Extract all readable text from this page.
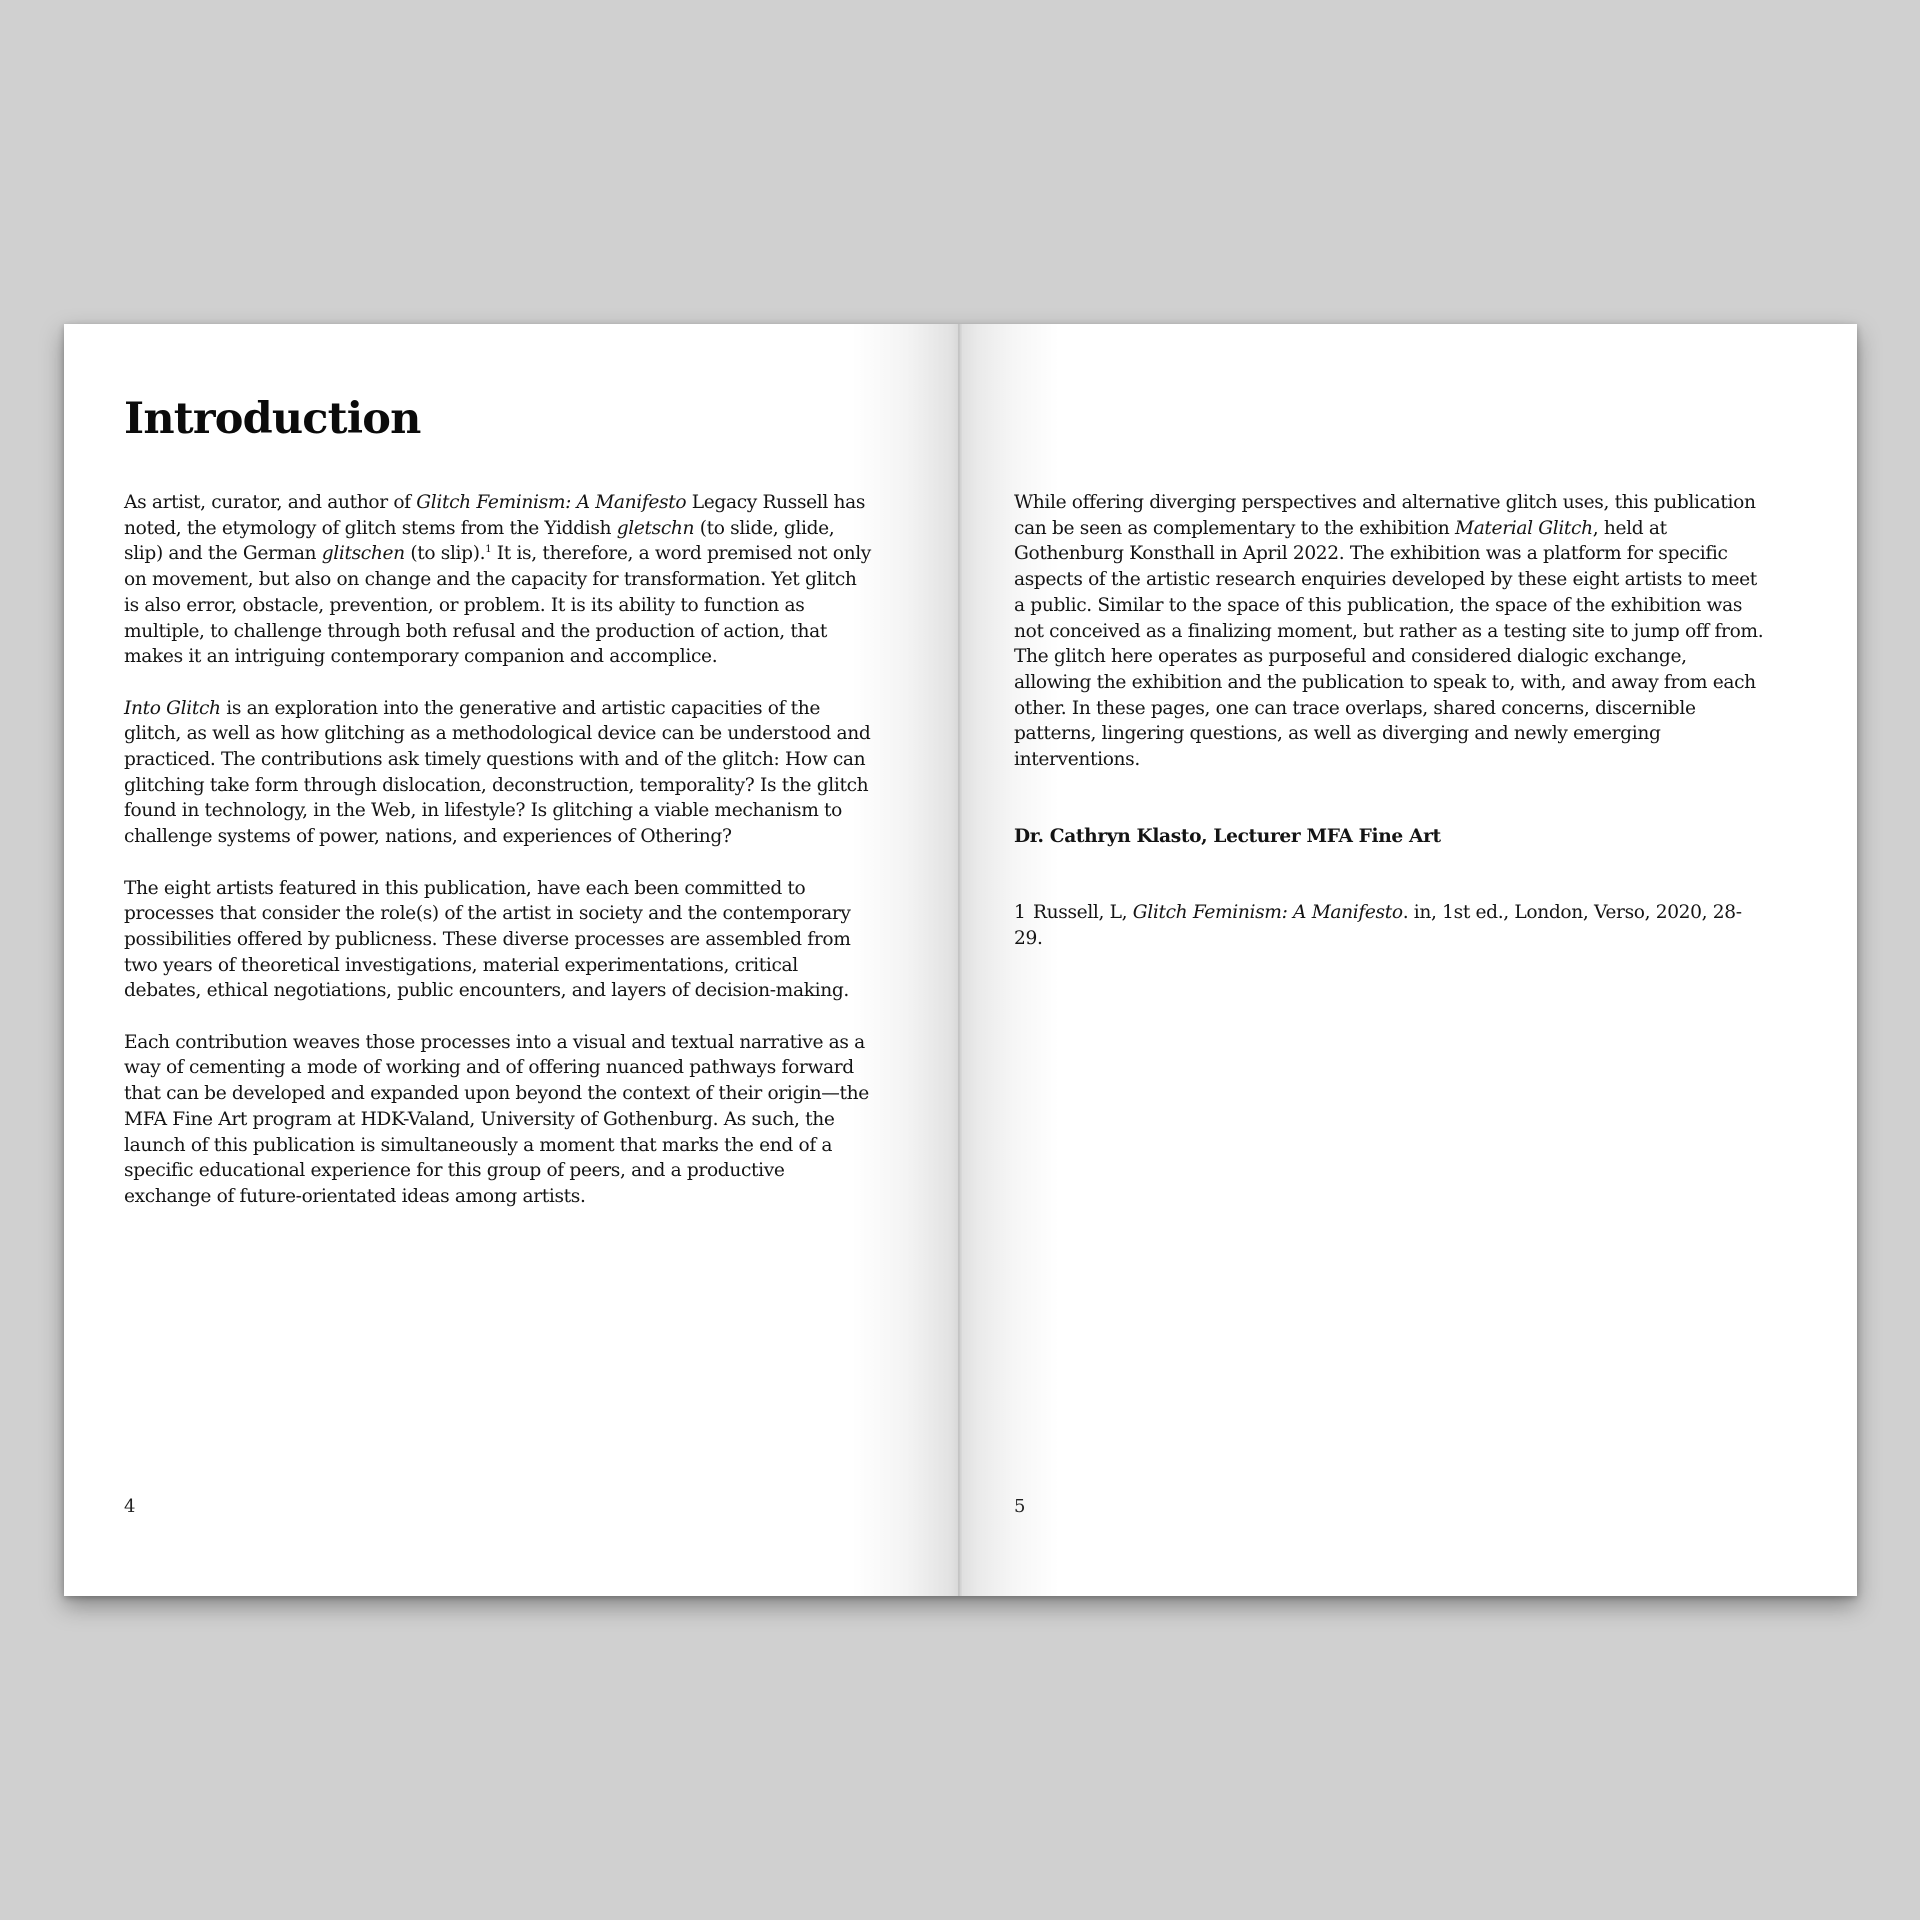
Introduction

As artist, curator, and author of Glitch Feminism: A Manifesto Legacy Russell has noted, the etymology of glitch stems from the Yiddish gletschn (to slide, glide, slip) and the German glitschen (to slip).$^1$ It is, therefore, a word premised not only on movement, but also on change and the capacity for transformation. Yet glitch is also error, obstacle, prevention, or problem. It is its ability to function as multiple, to challenge through both refusal and the production of action, that makes it an intriguing contemporary companion and accomplice.

Into Glitch is an exploration into the generative and artistic capacities of the glitch, as well as how glitching as a methodological device can be understood and practiced. The contributions ask timely questions with and of the glitch: How can glitching take form through dislocation, deconstruction, temporality? Is the glitch found in technology, in the Web, in lifestyle? Is glitching a viable mechanism to challenge systems of power, nations, and experiences of Othering?

The eight artists featured in this publication, have each been committed to processes that consider the role(s) of the artist in society and the contemporary possibilities offered by publicness. These diverse processes are assembled from two years of theoretical investigations, material experimentations, critical debates, ethical negotiations, public encounters, and layers of decision-making.

Each contribution weaves those processes into a visual and textual narrative as a way of cementing a mode of working and of offering nuanced pathways forward that can be developed and expanded upon beyond the context of their origin—the MFA Fine Art program at HDK-Valand, University of Gothenburg. As such, the launch of this publication is simultaneously a moment that marks the end of a specific educational experience for this group of peers, and a productive exchange of future-orientated ideas among artists.

4

While offering diverging perspectives and alternative glitch uses, this publication can be seen as complementary to the exhibition Material Glitch, held at Gothenburg Konsthall in April 2022. The exhibition was a platform for specific aspects of the artistic research enquiries developed by these eight artists to meet a public. Similar to the space of this publication, the space of the exhibition was not conceived as a finalizing moment, but rather as a testing site to jump off from. The glitch here operates as purposeful and considered dialogic exchange, allowing the exhibition and the publication to speak to, with, and away from each other. In these pages, one can trace overlaps, shared concerns, discernible patterns, lingering questions, as well as diverging and newly emerging interventions.

Dr. Cathryn Klasto, Lecturer MFA Fine Art

1 Russell, L, Glitch Feminism: A Manifesto. in, 1st ed., London, Verso, 2020, 28-29.

5
